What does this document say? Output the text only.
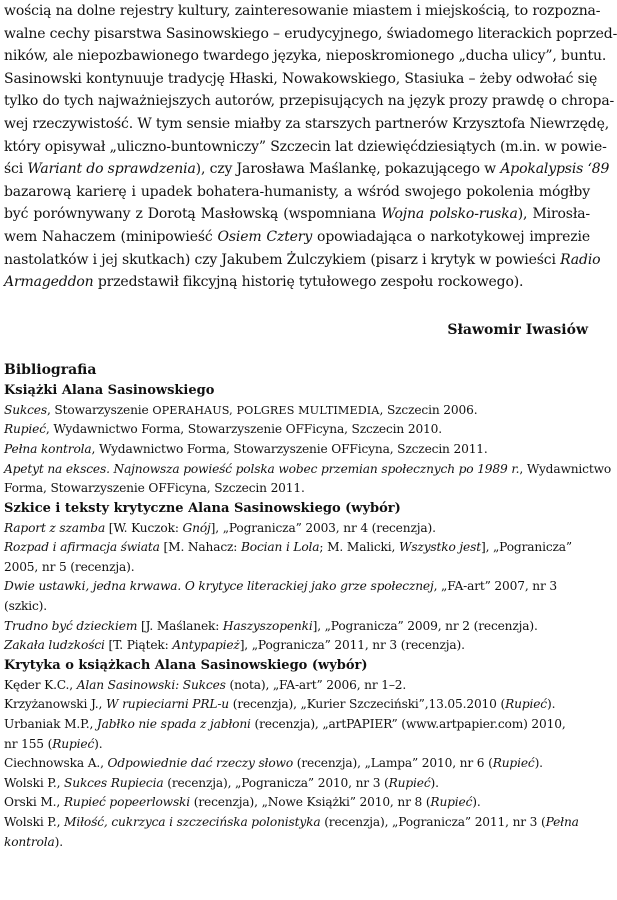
wością na dolne rejestry kultury, zainteresowanie miastem i miejskością, to rozpozna-
walne cechy pisarstwa Sasinowskiego – erudycyjnego, świadomego literackich poprzed-
ników, ale niepozbawionego twardego języka, nieposkromionego „ducha ulicy”, buntu.
Sasinowski kontynuuje tradycję Hłaski, Nowakowskiego, Stasiuka – żeby odwołać się
tylko do tych najważniejszych autorów, przepisujących na język prozy prawdę o chropa-
wej rzeczywistość. W tym sensie miałby za starszych partnerów Krzysztofa Niewrzędę,
który opisywał „uliczno-buntowniczy” Szczecin lat dziewięćdziesiątych (m.in. w powie-
ści Wariant do sprawdzenia), czy Jarosława Maślankę, pokazującego w Apokalypsis ‘89
bazarową karierę i upadek bohatera-humanisty, a wśród swojego pokolenia mógłby
być porównywany z Dorotą Masłowską (wspomniana Wojna polsko-ruska), Mirosła-
wem Nahaczem (minipowieść Osiem Cztery opowiadająca o narkotykowej imprezie
nastolatków i jej skutkach) czy Jakubem Żulczykiem (pisarz i krytyk w powieści Radio
Armageddon przedstawił fikcyjną historię tytułowego zespołu rockowego).
Sławomir Iwasiów
Bibliografia
Książki Alana Sasinowskiego

Sukces, Stowarzyszenie OPERAHAUS, POLGRES MULTIMEDIA, Szczecin 2006.

Rupieć, Wydawnictwo Forma, Stowarzyszenie OFFicyna, Szczecin 2010.

Pełna kontrola, Wydawnictwo Forma, Stowarzyszenie OFFicyna, Szczecin 2011.

Apetyt na eksces. Najnowsza powieść polska wobec przemian społecznych po 1989 r., Wydawnictwo
Forma, Stowarzyszenie OFFicyna, Szczecin 2011.

Szkice i teksty krytyczne Alana Sasinowskiego (wybór)

Raport z szamba [W. Kuczok: Gnój], „Pogranicza” 2003, nr 4 (recenzja).

Rozpad i afirmacja świata [M. Nahacz: Bocian i Lola; M. Malicki, Wszystko jest], „Pogranicza”
2005, nr 5 (recenzja).

Dwie ustawki, jedna krwawa. O krytyce literackiej jako grze społecznej, „FA-art” 2007, nr 3
(szkic).

Trudno być dzieckiem [J. Maślanek: Haszyszopenki], „Pogranicza” 2009, nr 2 (recenzja).

Zakała ludzkości [T. Piątek: Antypapież], „Pogranicza” 2011, nr 3 (recenzja).

Krytyka o książkach Alana Sasinowskiego (wybór)

Kęder K.C., Alan Sasinowski: Sukces (nota), „FA-art” 2006, nr 1–2.

Krzyżanowski J., W rupieciarni PRL-u (recenzja), „Kurier Szczeciński”,13.05.2010 (Rupieć).

Urbaniak M.P., Jabłko nie spada z jabłoni (recenzja), „artPAPIER” (www.artpapier.com) 2010,
nr 155 (Rupieć).

Ciechnowska A., Odpowiednie dać rzeczy słowo (recenzja), „Lampa” 2010, nr 6 (Rupieć).

Wolski P., Sukces Rupiecia (recenzja), „Pogranicza” 2010, nr 3 (Rupieć).

Orski M., Rupieć popeerlowski (recenzja), „Nowe Książki” 2010, nr 8 (Rupieć).

Wolski P., Miłość, cukrzyca i szczecińska polonistyka (recenzja), „Pogranicza” 2011, nr 3 (Pełna
kontrola).
